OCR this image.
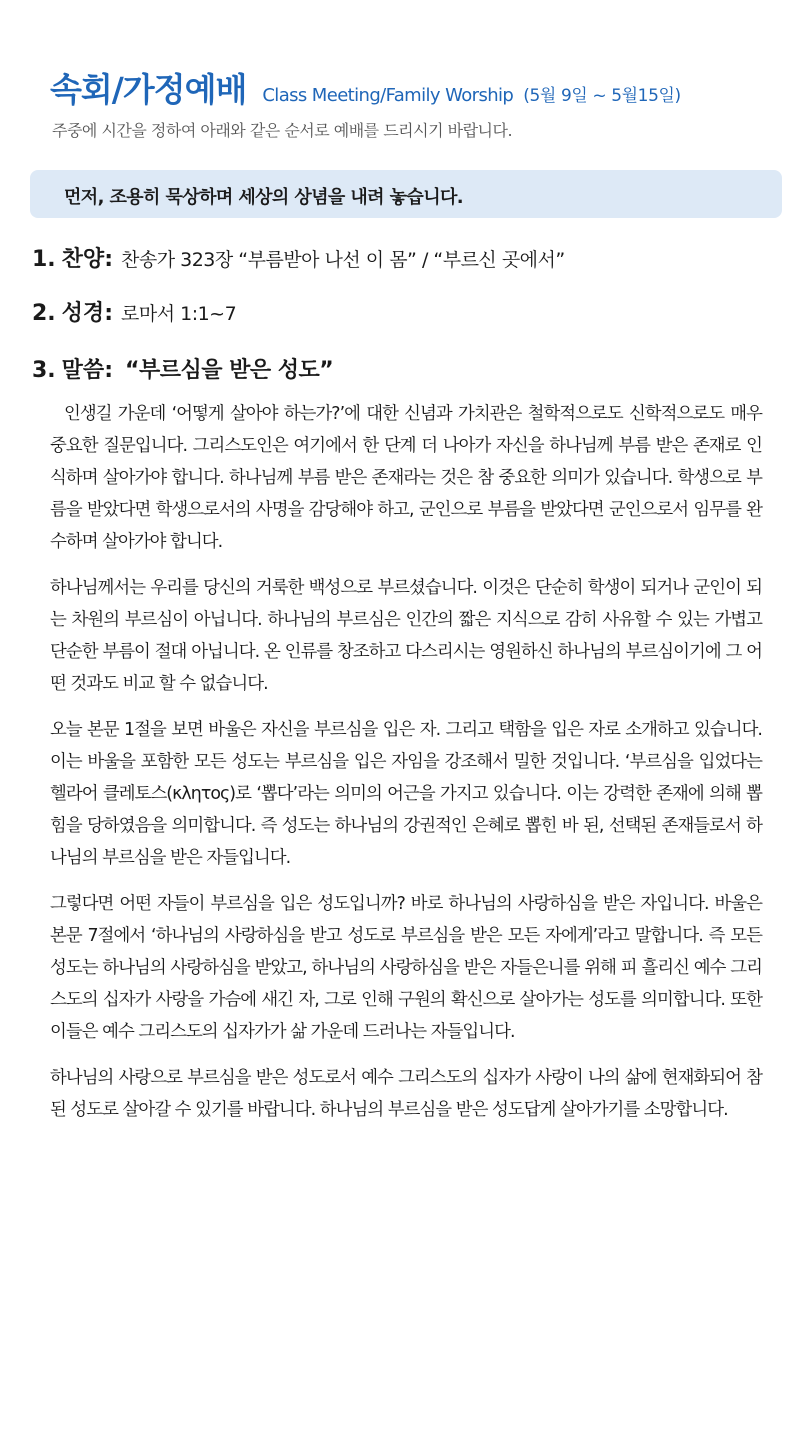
속회/가정예배 Class Meeting/Family Worship (5월 9일 ~ 5월15일)
주중에 시간을 정하여 아래와 같은 순서로 예배를 드리시기 바랍니다.
먼저, 조용히 묵상하며 세상의 상념을 내려 놓습니다.
1. 찬양 : 찬송가 323장 “부름받아 나선 이 몸” / “부르신 곳에서”
2. 성경 : 로마서 1:1~7
3. 말씀 : “부르심을 받은 성도”

인생길 가운데 ‘어떻게 살아야 하는가?’에 대한 신념과 가치관은 철학적으로도 신학적으로도 매우 중요한 질문입니다. 그리스도인은 여기에서 한 단계 더 나아가 자신을 하나님께 부름 받은 존재로 인식하며 살아가야 합니다. 하나님께 부름 받은 존재라는 것은 참 중요한 의미가 있습니다. 학생으로 부름을 받았다면 학생으로서의 사명을 감당해야 하고, 군인으로 부름을 받았다면 군인으로서 임무를 완수하며 살아가야 합니다.

하나님께서는 우리를 당신의 거룩한 백성으로 부르셨습니다. 이것은 단순히 학생이 되거나 군인이 되는 차원의 부르심이 아닙니다. 하나님의 부르심은 인간의 짧은 지식으로 감히 사유할 수 있는 가볍고 단순한 부름이 절대 아닙니다. 온 인류를 창조하고 다스리시는 영원하신 하나님의 부르심이기에 그 어떤 것과도 비교 할 수 없습니다.

오늘 본문 1절을 보면 바울은 자신을 부르심을 입은 자. 그리고 택함을 입은 자로 소개하고 있습니다. 이는 바울을 포함한 모든 성도는 부르심을 입은 자임을 강조해서 밀한 것입니다. ‘부르심을 입었다는 헬라어 클레토스(κλητος)로 ‘뽑다’라는 의미의 어근을 가지고 있습니다. 이는 강력한 존재에 의해 뽑힘을 당하였음을 의미합니다. 즉 성도는 하나님의 강권적인 은혜로 뽑힌 바 된, 선택된 존재들로서 하나님의 부르심을 받은 자들입니다.

그렇다면 어떤 자들이 부르심을 입은 성도입니까? 바로 하나님의 사랑하심을 받은 자입니다. 바울은 본문 7절에서 ‘하나님의 사랑하심을 받고 성도로 부르심을 받은 모든 자에게’라고 말합니다. 즉 모든 성도는 하나님의 사랑하심을 받았고, 하나님의 사랑하심을 받은 자들은니를 위해 피 흘리신 예수 그리스도의 십자가 사랑을 가슴에 새긴 자, 그로 인해 구원의 확신으로 살아가는 성도를 의미합니다. 또한 이들은 예수 그리스도의 십자가가 삶 가운데 드러나는 자들입니다.

하나님의 사랑으로 부르심을 받은 성도로서 예수 그리스도의 십자가 사랑이 나의 삶에 현재화되어 참된 성도로 살아갈 수 있기를 바랍니다. 하나님의 부르심을 받은 성도답게 살아가기를 소망합니다.
